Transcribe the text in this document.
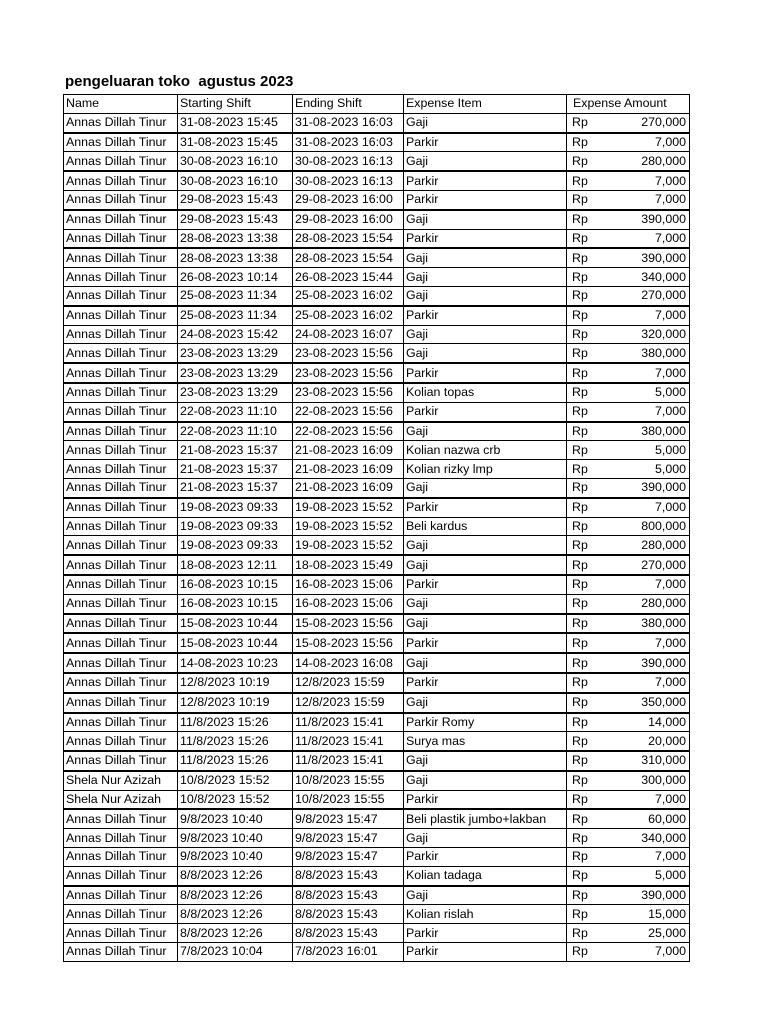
pengeluaran toko  agustus 2023
Name	Starting Shift	Ending Shift	Expense Item	Expense Amount
Annas Dillah Tinur	31-08-2023 15:45	31-08-2023 16:03	Gaji	Rp 270,000

Annas Dillah Tinur	31-08-2023 15:45	31-08-2023 16:03	Parkir	Rp 7,000

Annas Dillah Tinur	30-08-2023 16:10	30-08-2023 16:13	Gaji	Rp 280,000

Annas Dillah Tinur	30-08-2023 16:10	30-08-2023 16:13	Parkir	Rp 7,000

Annas Dillah Tinur	29-08-2023 15:43	29-08-2023 16:00	Parkir	Rp 7,000

Annas Dillah Tinur	29-08-2023 15:43	29-08-2023 16:00	Gaji	Rp 390,000

Annas Dillah Tinur	28-08-2023 13:38	28-08-2023 15:54	Parkir	Rp 7,000

Annas Dillah Tinur	28-08-2023 13:38	28-08-2023 15:54	Gaji	Rp 390,000

Annas Dillah Tinur	26-08-2023 10:14	26-08-2023 15:44	Gaji	Rp 340,000

Annas Dillah Tinur	25-08-2023 11:34	25-08-2023 16:02	Gaji	Rp 270,000

Annas Dillah Tinur	25-08-2023 11:34	25-08-2023 16:02	Parkir	Rp 7,000

Annas Dillah Tinur	24-08-2023 15:42	24-08-2023 16:07	Gaji	Rp 320,000

Annas Dillah Tinur	23-08-2023 13:29	23-08-2023 15:56	Gaji	Rp 380,000

Annas Dillah Tinur	23-08-2023 13:29	23-08-2023 15:56	Parkir	Rp 7,000

Annas Dillah Tinur	23-08-2023 13:29	23-08-2023 15:56	Kolian topas	Rp 5,000

Annas Dillah Tinur	22-08-2023 11:10	22-08-2023 15:56	Parkir	Rp 7,000

Annas Dillah Tinur	22-08-2023 11:10	22-08-2023 15:56	Gaji	Rp 380,000

Annas Dillah Tinur	21-08-2023 15:37	21-08-2023 16:09	Kolian nazwa crb	Rp 5,000

Annas Dillah Tinur	21-08-2023 15:37	21-08-2023 16:09	Kolian rizky lmp	Rp 5,000

Annas Dillah Tinur	21-08-2023 15:37	21-08-2023 16:09	Gaji	Rp 390,000

Annas Dillah Tinur	19-08-2023 09:33	19-08-2023 15:52	Parkir	Rp 7,000

Annas Dillah Tinur	19-08-2023 09:33	19-08-2023 15:52	Beli kardus	Rp 800,000

Annas Dillah Tinur	19-08-2023 09:33	19-08-2023 15:52	Gaji	Rp 280,000

Annas Dillah Tinur	18-08-2023 12:11	18-08-2023 15:49	Gaji	Rp 270,000

Annas Dillah Tinur	16-08-2023 10:15	16-08-2023 15:06	Parkir	Rp 7,000

Annas Dillah Tinur	16-08-2023 10:15	16-08-2023 15:06	Gaji	Rp 280,000

Annas Dillah Tinur	15-08-2023 10:44	15-08-2023 15:56	Gaji	Rp 380,000

Annas Dillah Tinur	15-08-2023 10:44	15-08-2023 15:56	Parkir	Rp 7,000

Annas Dillah Tinur	14-08-2023 10:23	14-08-2023 16:08	Gaji	Rp 390,000

Annas Dillah Tinur	12/8/2023 10:19	12/8/2023 15:59	Parkir	Rp 7,000

Annas Dillah Tinur	12/8/2023 10:19	12/8/2023 15:59	Gaji	Rp 350,000

Annas Dillah Tinur	11/8/2023 15:26	11/8/2023 15:41	Parkir Romy	Rp 14,000

Annas Dillah Tinur	11/8/2023 15:26	11/8/2023 15:41	Surya mas	Rp 20,000

Annas Dillah Tinur	11/8/2023 15:26	11/8/2023 15:41	Gaji	Rp 310,000

Shela Nur Azizah	10/8/2023 15:52	10/8/2023 15:55	Gaji	Rp 300,000

Shela Nur Azizah	10/8/2023 15:52	10/8/2023 15:55	Parkir	Rp 7,000

Annas Dillah Tinur	9/8/2023 10:40	9/8/2023 15:47	Beli plastik jumbo+lakban	Rp 60,000

Annas Dillah Tinur	9/8/2023 10:40	9/8/2023 15:47	Gaji	Rp 340,000

Annas Dillah Tinur	9/8/2023 10:40	9/8/2023 15:47	Parkir	Rp 7,000

Annas Dillah Tinur	8/8/2023 12:26	8/8/2023 15:43	Kolian tadaga	Rp 5,000

Annas Dillah Tinur	8/8/2023 12:26	8/8/2023 15:43	Gaji	Rp 390,000

Annas Dillah Tinur	8/8/2023 12:26	8/8/2023 15:43	Kolian rislah	Rp 15,000

Annas Dillah Tinur	8/8/2023 12:26	8/8/2023 15:43	Parkir	Rp 25,000

Annas Dillah Tinur	7/8/2023 10:04	7/8/2023 16:01	Parkir	Rp 7,000
